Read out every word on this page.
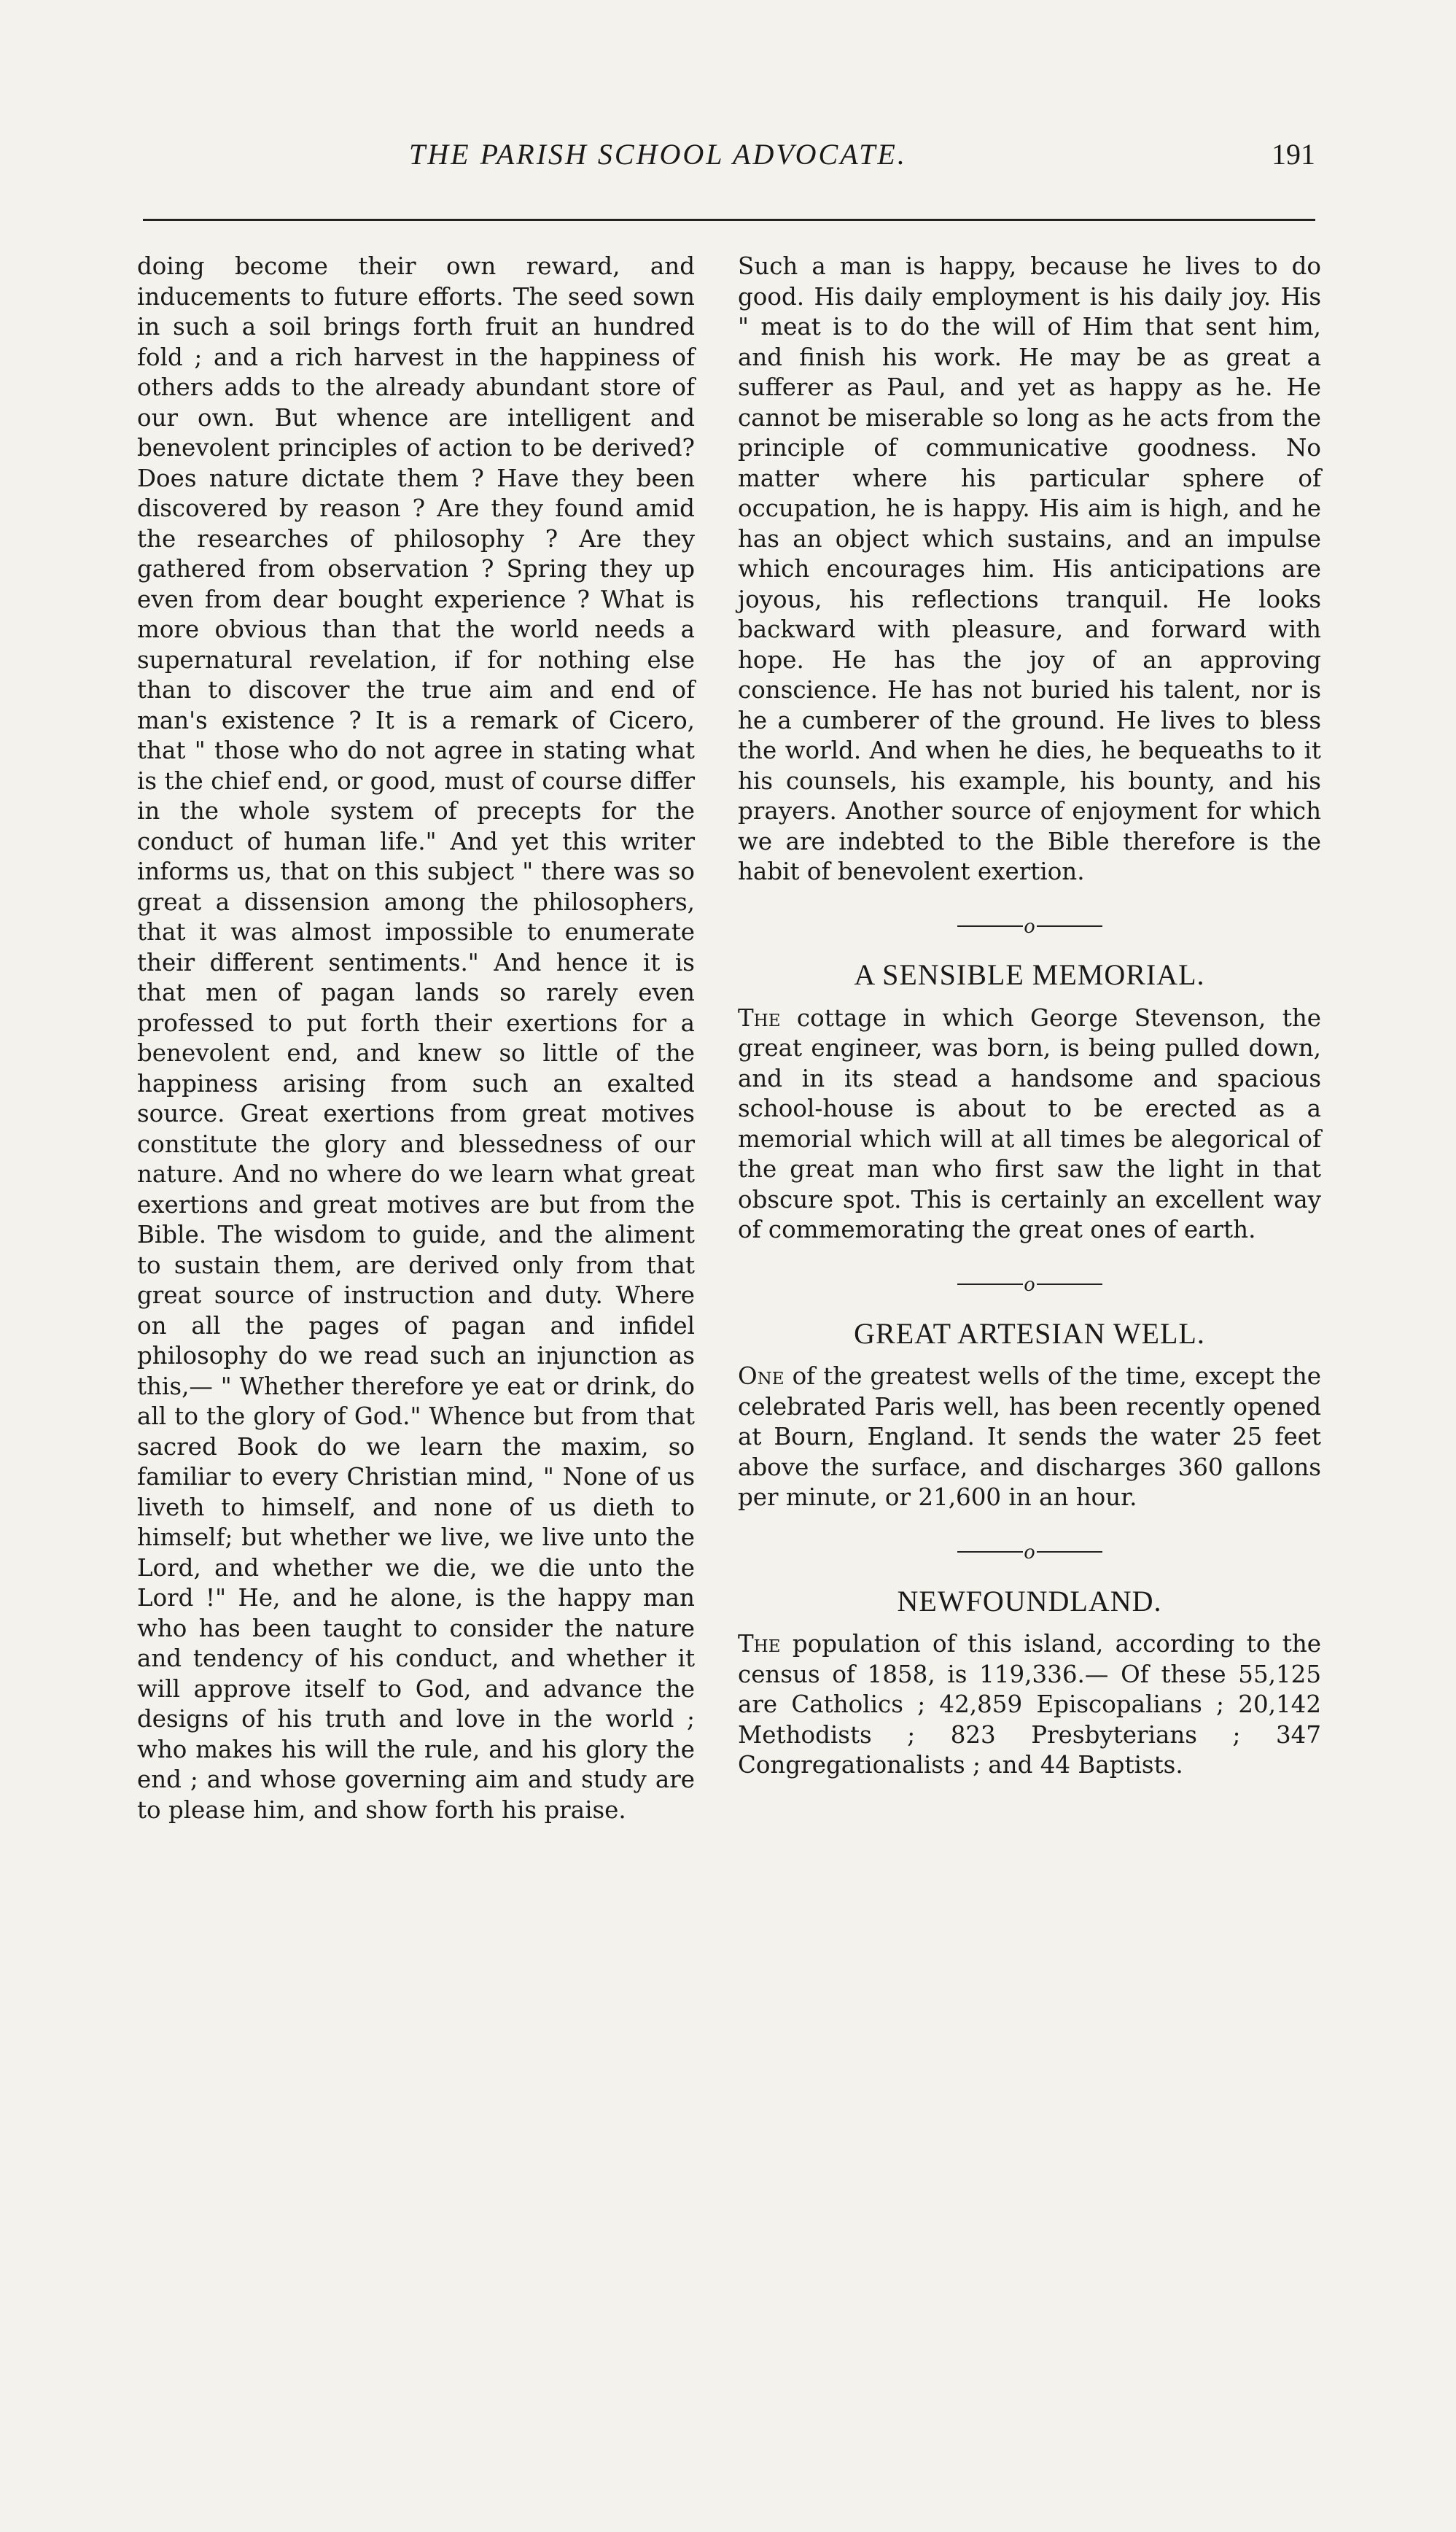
THE PARISH SCHOOL ADVOCATE.	191

doing become their own reward, and inducements to future efforts. The seed sown in such a soil brings forth fruit an hundred fold ; and a rich harvest in the happiness of others adds to the already abundant store of our own. But whence are intelligent and benevolent principles of action to be derived? Does nature dictate them ? Have they been discovered by reason ? Are they found amid the researches of philosophy ? Are they gathered from observation ? Spring they up even from dear bought experience ? What is more obvious than that the world needs a supernatural revelation, if for nothing else than to discover the true aim and end of man's existence ? It is a remark of Cicero, that " those who do not agree in stating what is the chief end, or good, must of course differ in the whole system of precepts for the conduct of human life." And yet this writer informs us, that on this subject " there was so great a dissension among the philosophers, that it was almost impossible to enumerate their different sentiments." And hence it is that men of pagan lands so rarely even professed to put forth their exertions for a benevolent end, and knew so little of the happiness arising from such an exalted source. Great exertions from great motives constitute the glory and blessedness of our nature. And no where do we learn what great exertions and great motives are but from the Bible. The wisdom to guide, and the aliment to sustain them, are derived only from that great source of instruction and duty. Where on all the pages of pagan and infidel philosophy do we read such an injunction as this,— " Whether therefore ye eat or drink, do all to the glory of God." Whence but from that sacred Book do we learn the maxim, so familiar to every Christian mind, " None of us liveth to himself, and none of us dieth to himself; but whether we live, we live unto the Lord, and whether we die, we die unto the Lord !" He, and he alone, is the happy man who has been taught to consider the nature and tendency of his conduct, and whether it will approve itself to God, and advance the designs of his truth and love in the world ; who makes his will the rule, and his glory the end ; and whose governing aim and study are to please him, and show forth his praise.

Such a man is happy, because he lives to do good. His daily employment is his daily joy. His " meat is to do the will of Him that sent him, and finish his work. He may be as great a sufferer as Paul, and yet as happy as he. He cannot be miserable so long as he acts from the principle of communicative goodness. No matter where his particular sphere of occupation, he is happy. His aim is high, and he has an object which sustains, and an impulse which encourages him. His anticipations are joyous, his reflections tranquil. He looks backward with pleasure, and forward with hope. He has the joy of an approving conscience. He has not buried his talent, nor is he a cumberer of the ground. He lives to bless the world. And when he dies, he bequeaths to it his counsels, his example, his bounty, and his prayers. Another source of enjoyment for which we are indebted to the Bible therefore is the habit of benevolent exertion.

o
A SENSIBLE MEMORIAL.

The cottage in which George Stevenson, the great engineer, was born, is being pulled down, and in its stead a handsome and spacious school-house is about to be erected as a memorial which will at all times be alegorical of the great man who first saw the light in that obscure spot. This is certainly an excellent way of commemorating the great ones of earth.

o
GREAT ARTESIAN WELL.

One of the greatest wells of the time, except the celebrated Paris well, has been recently opened at Bourn, England. It sends the water 25 feet above the surface, and discharges 360 gallons per minute, or 21,600 in an hour.

o
NEWFOUNDLAND.

The population of this island, according to the census of 1858, is 119,336.— Of these 55,125 are Catholics ; 42,859 Episcopalians ; 20,142 Methodists ; 823 Presbyterians ; 347 Congregationalists ; and 44 Baptists.
